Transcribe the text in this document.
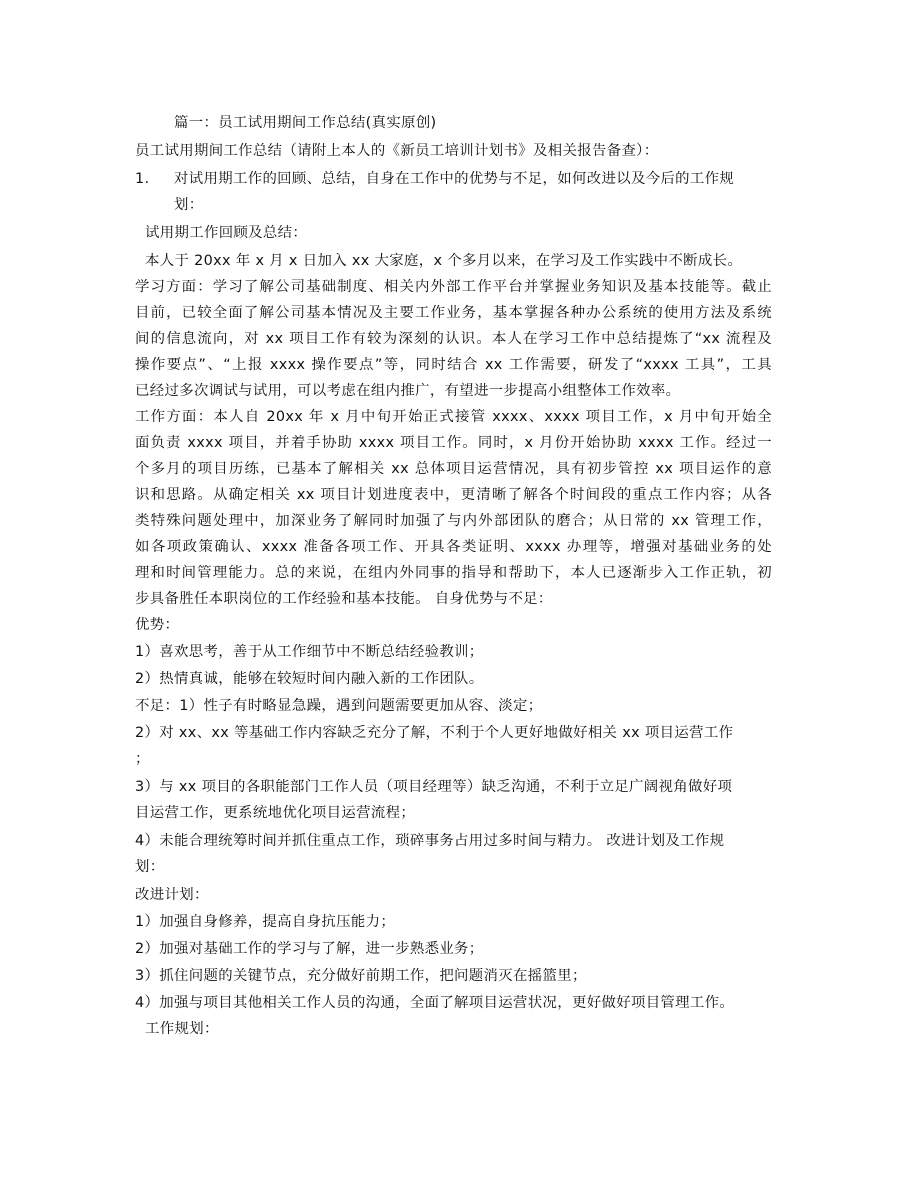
篇一：员工试用期间工作总结(真实原创)
员工试用期间工作总结（请附上本人的《新员工培训计划书》及相关报告备查）：
1. 对试用期工作的回顾、总结，自身在工作中的优势与不足，如何改进以及今后的工作规
划：
试用期工作回顾及总结：
本人于 20xx 年 x 月 x 日加入 xx 大家庭，x 个多月以来，在学习及工作实践中不断成长。
学习方面：学习了解公司基础制度、相关内外部工作平台并掌握业务知识及基本技能等。截止
目前，已较全面了解公司基本情况及主要工作业务，基本掌握各种办公系统的使用方法及系统
间的信息流向，对 xx 项目工作有较为深刻的认识。本人在学习工作中总结提炼了“xx 流程及
操作要点”、“上报 xxxx 操作要点”等，同时结合 xx 工作需要，研发了“xxxx 工具”，工具
已经过多次调试与试用，可以考虑在组内推广，有望进一步提高小组整体工作效率。
工作方面：本人自 20xx 年 x 月中旬开始正式接管 xxxx、xxxx 项目工作，x 月中旬开始全
面负责 xxxx 项目，并着手协助 xxxx 项目工作。同时，x 月份开始协助 xxxx 工作。经过一
个多月的项目历练，已基本了解相关 xx 总体项目运营情况，具有初步管控 xx 项目运作的意
识和思路。从确定相关 xx 项目计划进度表中，更清晰了解各个时间段的重点工作内容；从各
类特殊问题处理中，加深业务了解同时加强了与内外部团队的磨合；从日常的 xx 管理工作，
如各项政策确认、xxxx 准备各项工作、开具各类证明、xxxx 办理等，增强对基础业务的处
理和时间管理能力。总的来说，在组内外同事的指导和帮助下，本人已逐渐步入工作正轨，初
步具备胜任本职岗位的工作经验和基本技能。 自身优势与不足：
优势：
1）喜欢思考，善于从工作细节中不断总结经验教训；
2）热情真诚，能够在较短时间内融入新的工作团队。
不足：1）性子有时略显急躁，遇到问题需要更加从容、淡定；
2）对 xx、xx 等基础工作内容缺乏充分了解，不利于个人更好地做好相关 xx 项目运营工作
；
3）与 xx 项目的各职能部门工作人员（项目经理等）缺乏沟通，不利于立足广阔视角做好项
目运营工作，更系统地优化项目运营流程；
4）未能合理统筹时间并抓住重点工作，琐碎事务占用过多时间与精力。 改进计划及工作规
划：
改进计划：
1）加强自身修养，提高自身抗压能力；
2）加强对基础工作的学习与了解，进一步熟悉业务；
3）抓住问题的关键节点，充分做好前期工作，把问题消灭在摇篮里；
4）加强与项目其他相关工作人员的沟通，全面了解项目运营状况，更好做好项目管理工作。
工作规划：
